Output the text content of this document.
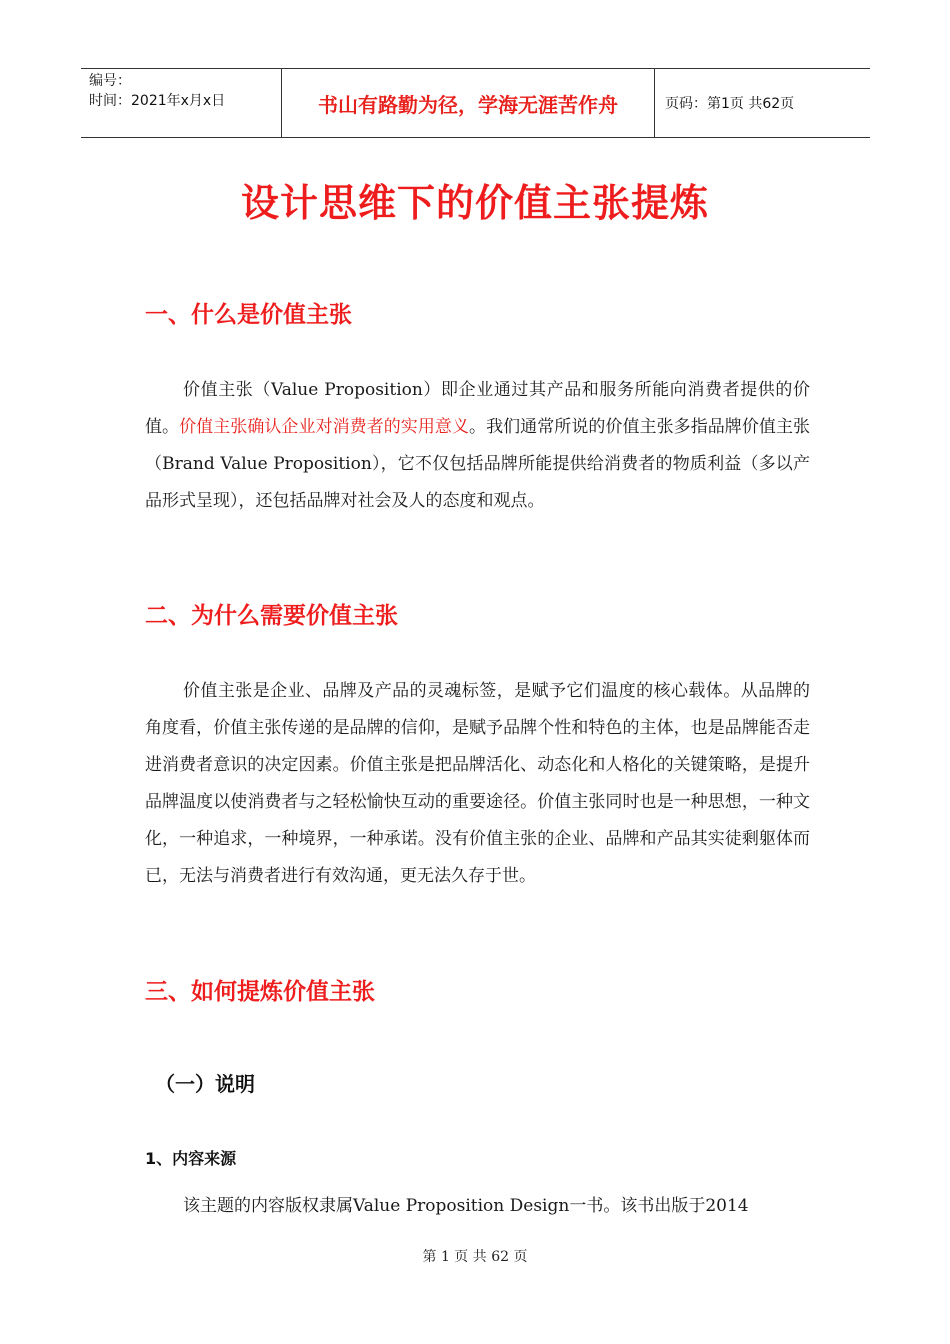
编号：
时间：2021年x月x日	书山有路勤为径，学海无涯苦作舟	页码：第1页 共62页
设计思维下的价值主张提炼
一、什么是价值主张

价值主张（Value Proposition）即企业通过其产品和服务所能向消费者提供的价值。价值主张确认企业对消费者的实用意义。我们通常所说的价值主张多指品牌价值主张（Brand Value Proposition），它不仅包括品牌所能提供给消费者的物质利益（多以产品形式呈现），还包括品牌对社会及人的态度和观点。

二、为什么需要价值主张

价值主张是企业、品牌及产品的灵魂标签，是赋予它们温度的核心载体。从品牌的角度看，价值主张传递的是品牌的信仰，是赋予品牌个性和特色的主体，也是品牌能否走进消费者意识的决定因素。价值主张是把品牌活化、动态化和人格化的关键策略，是提升品牌温度以使消费者与之轻松愉快互动的重要途径。价值主张同时也是一种思想，一种文化，一种追求，一种境界，一种承诺。没有价值主张的企业、品牌和产品其实徒剩躯体而已，无法与消费者进行有效沟通，更无法久存于世。

三、如何提炼价值主张
（一）说明
1、内容来源

该主题的内容版权隶属Value Proposition Design一书。该书出版于2014

第 1 页 共 62 页
